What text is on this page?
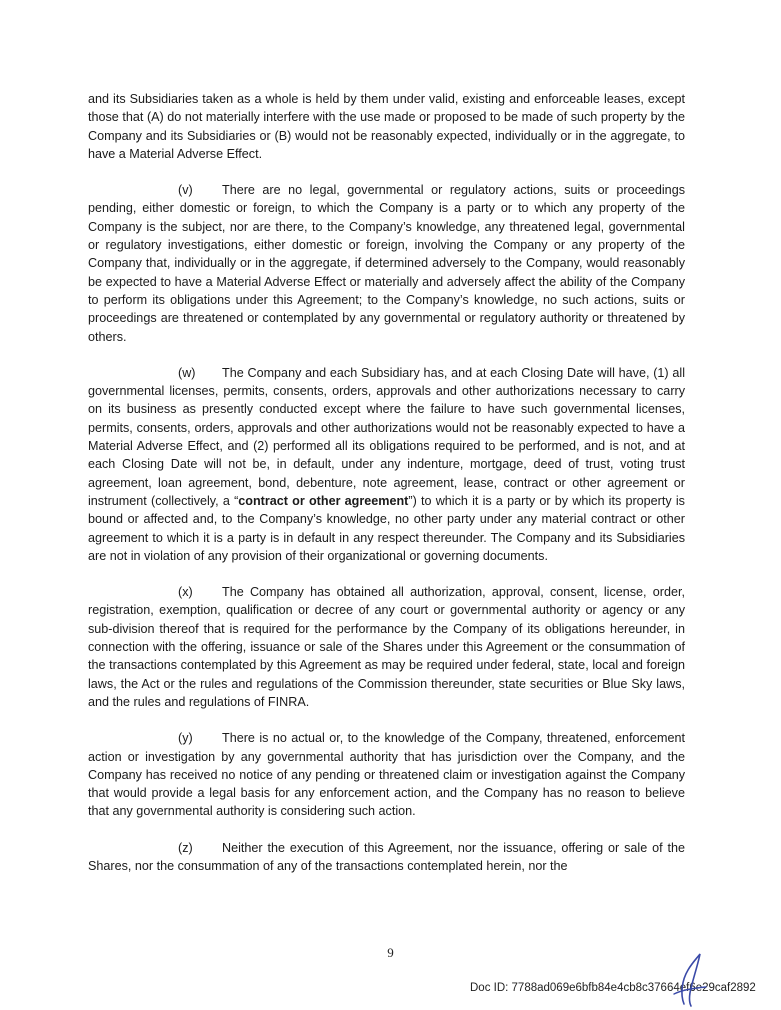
and its Subsidiaries taken as a whole is held by them under valid, existing and enforceable leases, except those that (A) do not materially interfere with the use made or proposed to be made of such property by the Company and its Subsidiaries or (B) would not be reasonably expected, individually or in the aggregate, to have a Material Adverse Effect.

(v) There are no legal, governmental or regulatory actions, suits or proceedings pending, either domestic or foreign, to which the Company is a party or to which any property of the Company is the subject, nor are there, to the Company’s knowledge, any threatened legal, governmental or regulatory investigations, either domestic or foreign, involving the Company or any property of the Company that, individually or in the aggregate, if determined adversely to the Company, would reasonably be expected to have a Material Adverse Effect or materially and adversely affect the ability of the Company to perform its obligations under this Agreement; to the Company’s knowledge, no such actions, suits or proceedings are threatened or contemplated by any governmental or regulatory authority or threatened by others.

(w) The Company and each Subsidiary has, and at each Closing Date will have, (1) all governmental licenses, permits, consents, orders, approvals and other authorizations necessary to carry on its business as presently conducted except where the failure to have such governmental licenses, permits, consents, orders, approvals and other authorizations would not be reasonably expected to have a Material Adverse Effect, and (2) performed all its obligations required to be performed, and is not, and at each Closing Date will not be, in default, under any indenture, mortgage, deed of trust, voting trust agreement, loan agreement, bond, debenture, note agreement, lease, contract or other agreement or instrument (collectively, a “contract or other agreement”) to which it is a party or by which its property is bound or affected and, to the Company’s knowledge, no other party under any material contract or other agreement to which it is a party is in default in any respect thereunder. The Company and its Subsidiaries are not in violation of any provision of their organizational or governing documents.

(x) The Company has obtained all authorization, approval, consent, license, order, registration, exemption, qualification or decree of any court or governmental authority or agency or any sub-division thereof that is required for the performance by the Company of its obligations hereunder, in connection with the offering, issuance or sale of the Shares under this Agreement or the consummation of the transactions contemplated by this Agreement as may be required under federal, state, local and foreign laws, the Act or the rules and regulations of the Commission thereunder, state securities or Blue Sky laws, and the rules and regulations of FINRA.

(y) There is no actual or, to the knowledge of the Company, threatened, enforcement action or investigation by any governmental authority that has jurisdiction over the Company, and the Company has received no notice of any pending or threatened claim or investigation against the Company that would provide a legal basis for any enforcement action, and the Company has no reason to believe that any governmental authority is considering such action.

(z) Neither the execution of this Agreement, nor the issuance, offering or sale of the Shares, nor the consummation of any of the transactions contemplated herein, nor the

9
Doc ID: 7788ad069e6bfb84e4cb8c37664ef6e29caf2892
